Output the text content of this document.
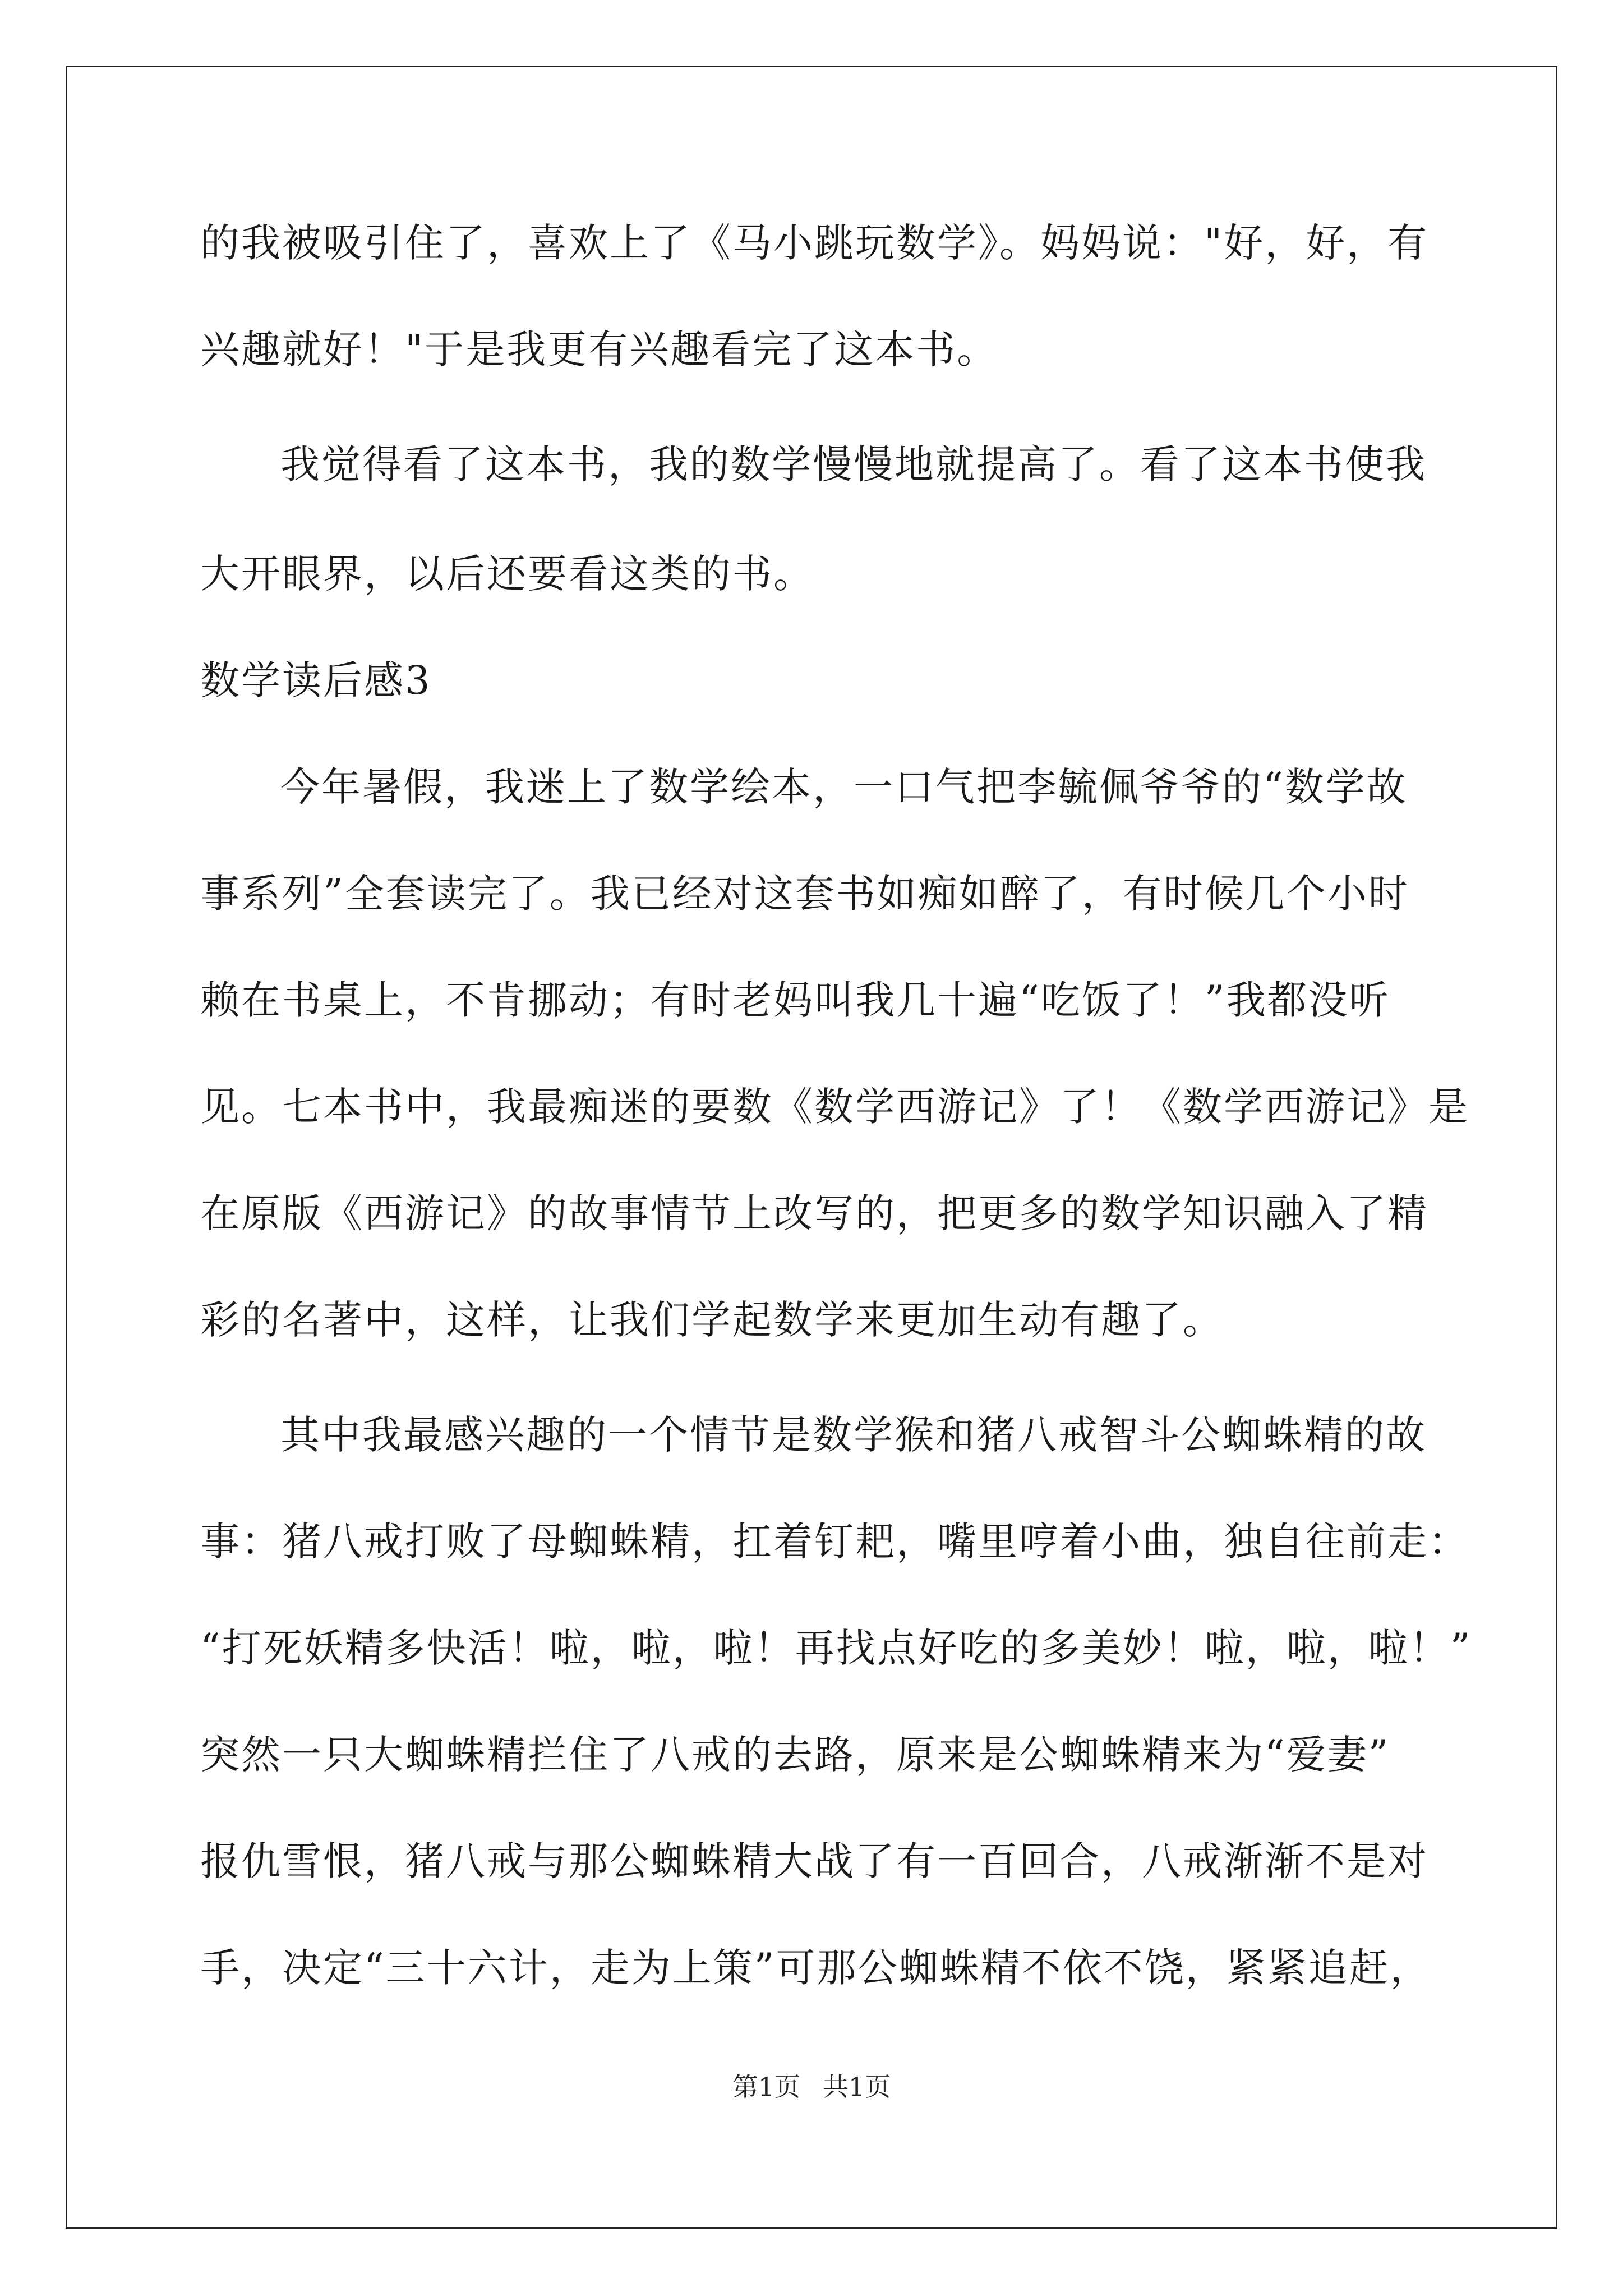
的我被吸引住了，喜欢上了《马小跳玩数学》。妈妈说："好，好，有
兴趣就好！"于是我更有兴趣看完了这本书。
我觉得看了这本书，我的数学慢慢地就提高了。看了这本书使我
大开眼界，以后还要看这类的书。
数学读后感3
今年暑假，我迷上了数学绘本，一口气把李毓佩爷爷的“数学故
事系列”全套读完了。我已经对这套书如痴如醉了，有时候几个小时
赖在书桌上，不肯挪动；有时老妈叫我几十遍“吃饭了！”我都没听
见。七本书中，我最痴迷的要数《数学西游记》了！《数学西游记》是
在原版《西游记》的故事情节上改写的，把更多的数学知识融入了精
彩的名著中，这样，让我们学起数学来更加生动有趣了。
其中我最感兴趣的一个情节是数学猴和猪八戒智斗公蜘蛛精的故
事：猪八戒打败了母蜘蛛精，扛着钉耙，嘴里哼着小曲，独自往前走：
“打死妖精多快活！啦，啦，啦！再找点好吃的多美妙！啦，啦，啦！”
突然一只大蜘蛛精拦住了八戒的去路，原来是公蜘蛛精来为“爱妻”
报仇雪恨，猪八戒与那公蜘蛛精大战了有一百回合，八戒渐渐不是对
手，决定“三十六计，走为上策”可那公蜘蛛精不依不饶，紧紧追赶，
第1页 共1页
